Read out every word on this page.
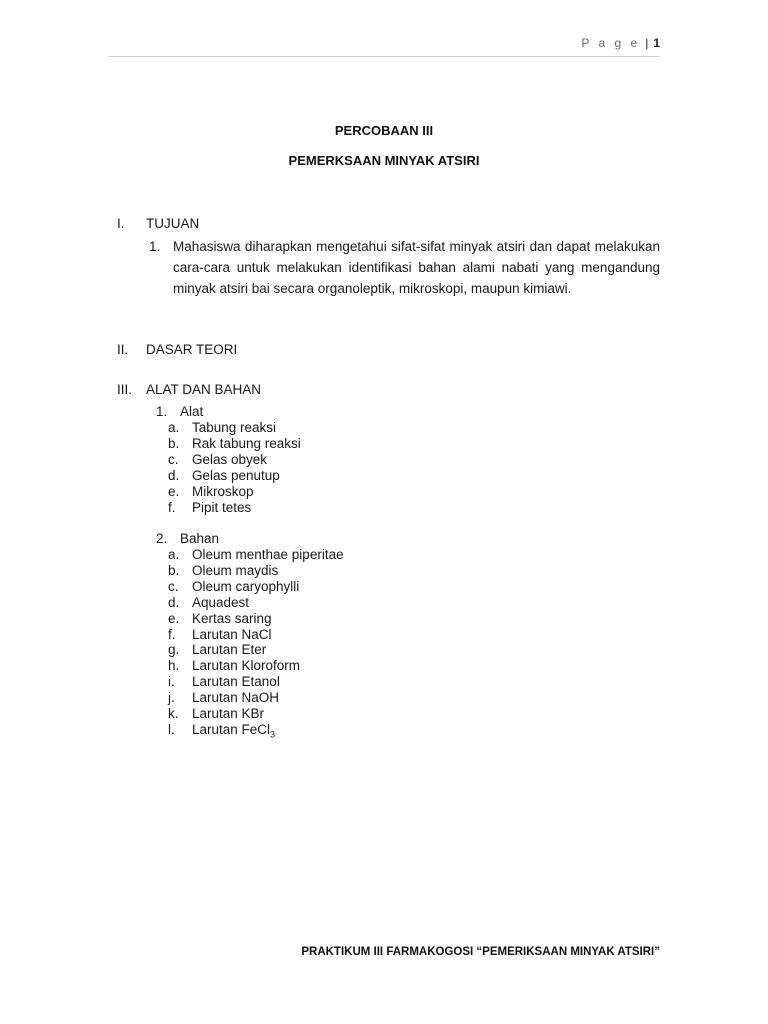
P a g e | 1
PERCOBAAN III
PEMERKSAAN MINYAK ATSIRI
I. TUJUAN
1. Mahasiswa diharapkan mengetahui sifat-sifat minyak atsiri dan dapat melakukan cara-cara untuk melakukan identifikasi bahan alami nabati yang mengandung minyak atsiri bai secara organoleptik, mikroskopi, maupun kimiawi.
II. DASAR TEORI
III. ALAT DAN BAHAN
1. Alat
a. Tabung reaksi
b. Rak tabung reaksi
c. Gelas obyek
d. Gelas penutup
e. Mikroskop
f.	Pipit tetes
2. Bahan
a. Oleum menthae piperitae
b. Oleum maydis
c. Oleum caryophylli
d. Aquadest
e. Kertas saring
f.	Larutan NaCl
g. Larutan Eter
h. Larutan Kloroform
i.	Larutan Etanol
j.	Larutan NaOH
k. Larutan KBr
l.	Larutan FeCl$_3$
PRAKTIKUM III FARMAKOGOSI “PEMERIKSAAN MINYAK ATSIRI”
